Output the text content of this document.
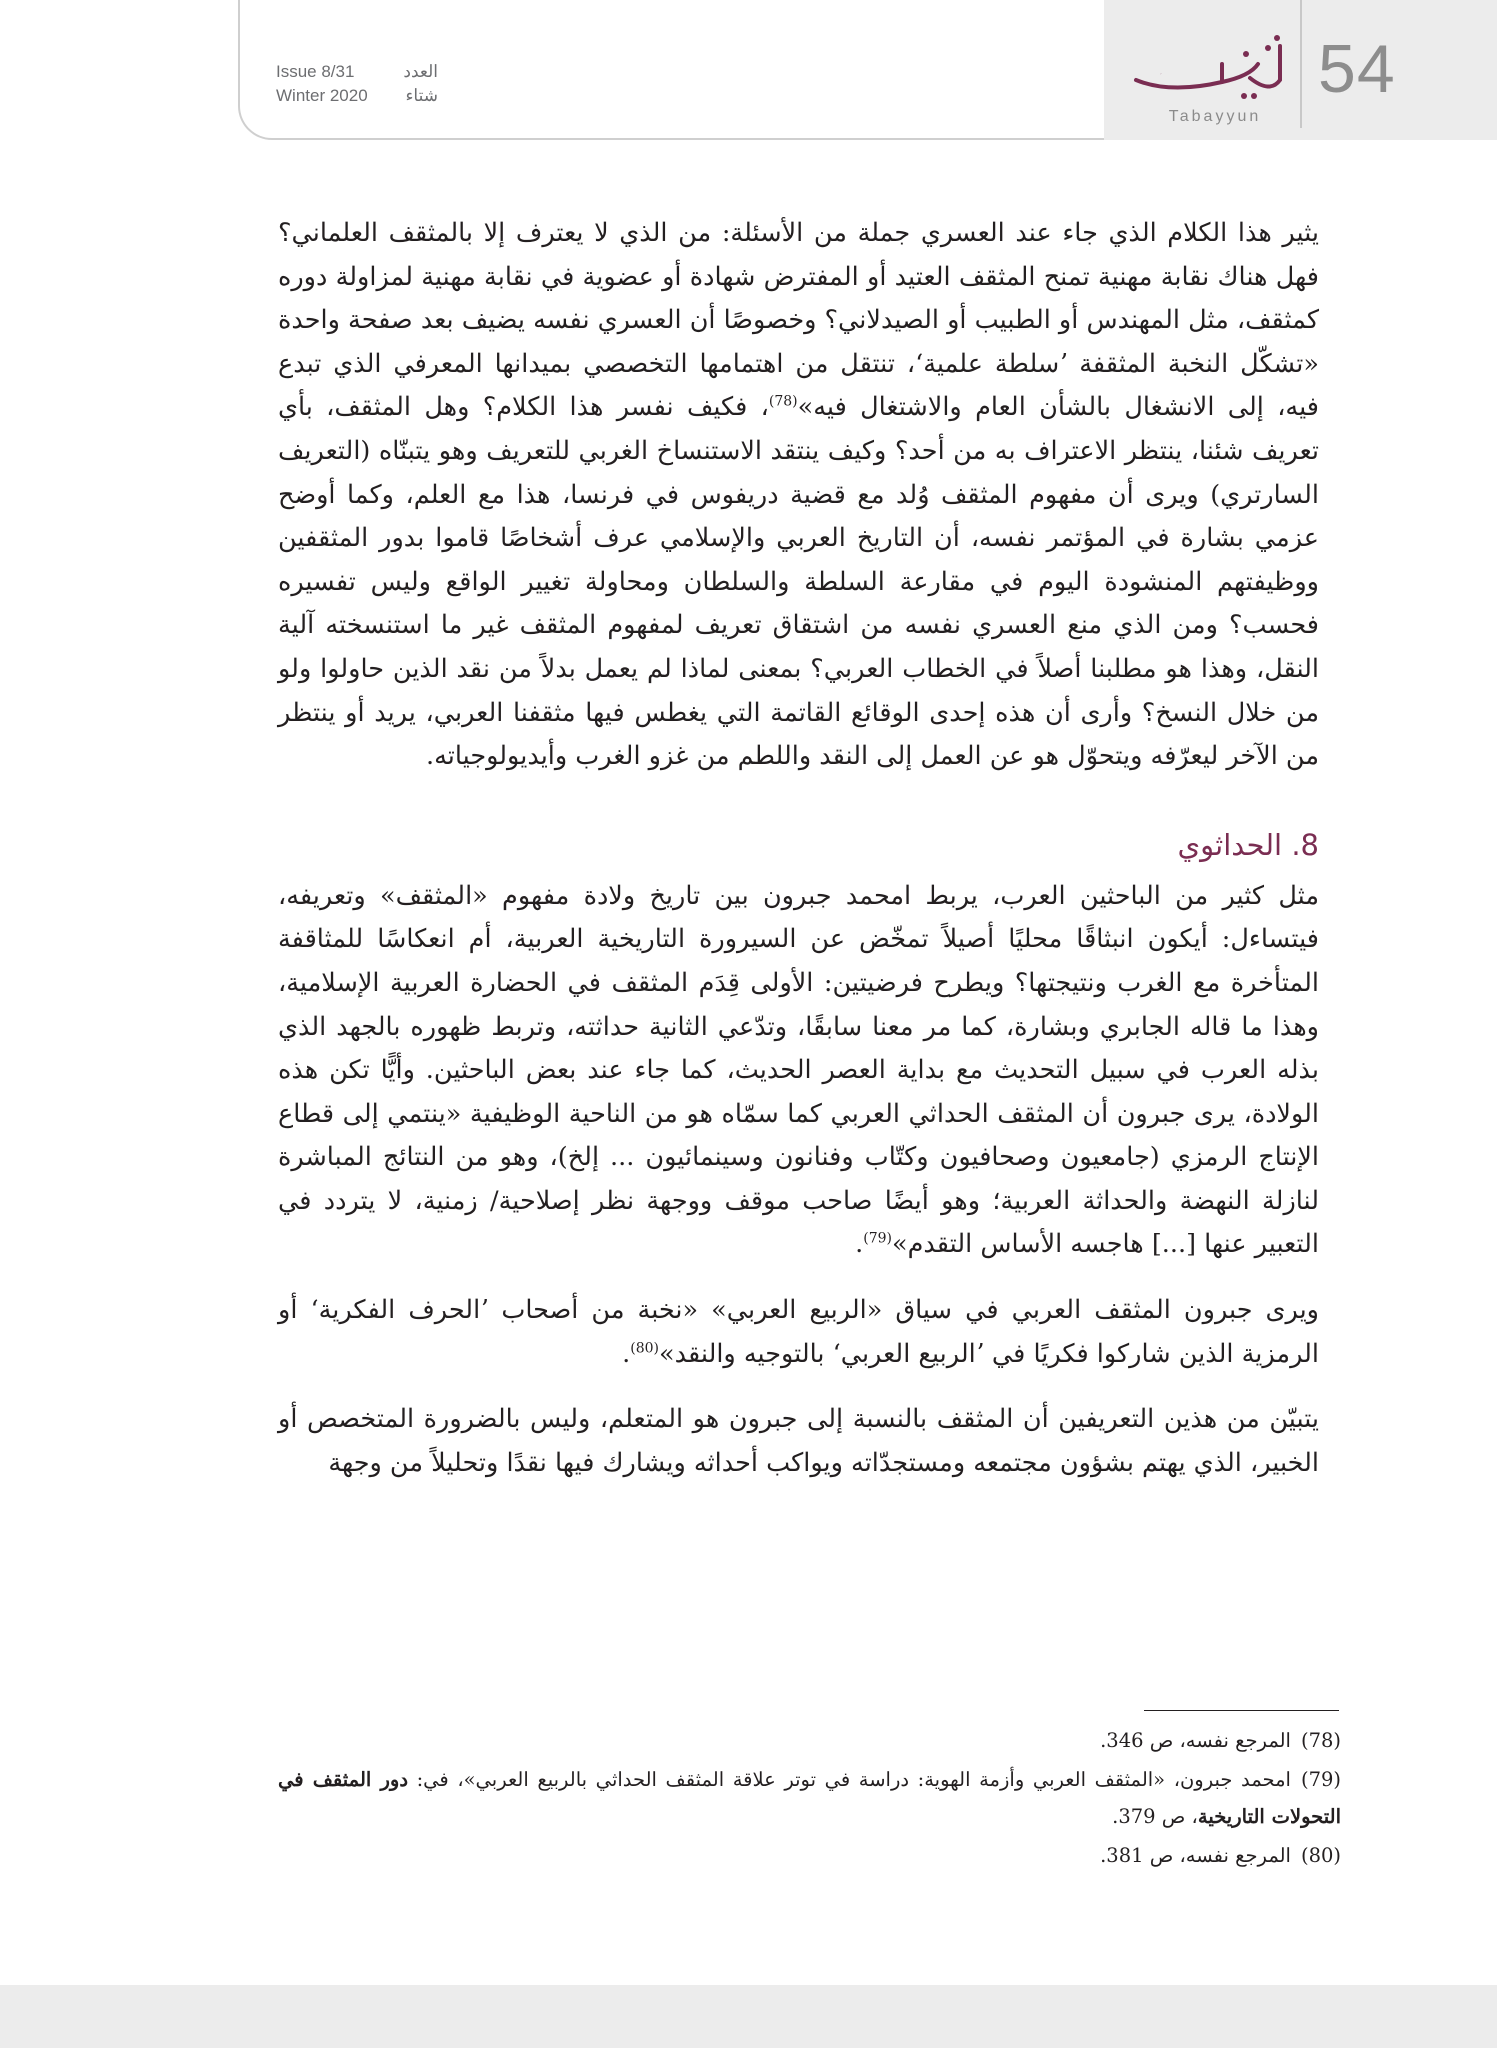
Issue 8/31	العدد
Winter 2020 شتاء
تبين
Tabayyun
54

يثير هذا الكلام الذي جاء عند العسري جملة من الأسئلة: من الذي لا يعترف إلا بالمثقف العلماني؟ فهل هناك نقابة مهنية تمنح المثقف العتيد أو المفترض شهادة أو عضوية في نقابة مهنية لمزاولة دوره كمثقف، مثل المهندس أو الطبيب أو الصيدلاني؟ وخصوصًا أن العسري نفسه يضيف بعد صفحة واحدة «تشكّل النخبة المثقفة ʼسلطة علميةʻ، تنتقل من اهتمامها التخصصي بميدانها المعرفي الذي تبدع فيه، إلى الانشغال بالشأن العام والاشتغال فيه»$^{(78)}$، فكيف نفسر هذا الكلام؟ وهل المثقف، بأي تعريف شئنا، ينتظر الاعتراف به من أحد؟ وكيف ينتقد الاستنساخ الغربي للتعريف وهو يتبنّاه (التعريف السارتري) ويرى أن مفهوم المثقف وُلد مع قضية دريفوس في فرنسا، هذا مع العلم، وكما أوضح عزمي بشارة في المؤتمر نفسه، أن التاريخ العربي والإسلامي عرف أشخاصًا قاموا بدور المثقفين ووظيفتهم المنشودة اليوم في مقارعة السلطة والسلطان ومحاولة تغيير الواقع وليس تفسيره فحسب؟ ومن الذي منع العسري نفسه من اشتقاق تعريف لمفهوم المثقف غير ما استنسخته آلية النقل، وهذا هو مطلبنا أصلاً في الخطاب العربي؟ بمعنى لماذا لم يعمل بدلاً من نقد الذين حاولوا ولو من خلال النسخ؟ وأرى أن هذه إحدى الوقائع القاتمة التي يغطس فيها مثقفنا العربي، يريد أو ينتظر من الآخر ليعرّفه ويتحوّل هو عن العمل إلى النقد واللطم من غزو الغرب وأيديولوجياته.

8. الحداثوي

مثل كثير من الباحثين العرب، يربط امحمد جبرون بين تاريخ ولادة مفهوم «المثقف» وتعريفه، فيتساءل: أيكون انبثاقًا محليًا أصيلاً تمخّض عن السيرورة التاريخية العربية، أم انعكاسًا للمثاقفة المتأخرة مع الغرب ونتيجتها؟ ويطرح فرضيتين: الأولى قِدَم المثقف في الحضارة العربية الإسلامية، وهذا ما قاله الجابري وبشارة، كما مر معنا سابقًا، وتدّعي الثانية حداثته، وتربط ظهوره بالجهد الذي بذله العرب في سبيل التحديث مع بداية العصر الحديث، كما جاء عند بعض الباحثين. وأيًّا تكن هذه الولادة، يرى جبرون أن المثقف الحداثي العربي كما سمّاه هو من الناحية الوظيفية «ينتمي إلى قطاع الإنتاج الرمزي (جامعيون وصحافيون وكتّاب وفنانون وسينمائيون ... إلخ)، وهو من النتائج المباشرة لنازلة النهضة والحداثة العربية؛ وهو أيضًا صاحب موقف ووجهة نظر إصلاحية/ زمنية، لا يتردد في التعبير عنها [...] هاجسه الأساس التقدم»$^{(79)}$.

ويرى جبرون المثقف العربي في سياق «الربيع العربي» «نخبة من أصحاب ʼالحرف الفكريةʻ أو الرمزية الذين شاركوا فكريًا في ʼالربيع العربيʻ بالتوجيه والنقد»$^{(80)}$.

يتبيّن من هذين التعريفين أن المثقف بالنسبة إلى جبرون هو المتعلم، وليس بالضرورة المتخصص أو الخبير، الذي يهتم بشؤون مجتمعه ومستجدّاته ويواكب أحداثه ويشارك فيها نقدًا وتحليلاً من وجهة

(78)المرجع نفسه، ص 346.

(79)امحمد جبرون، «المثقف العربي وأزمة الهوية: دراسة في توتر علاقة المثقف الحداثي بالربيع العربي»، في: دور المثقف في التحولات التاريخية، ص 379.

(80)المرجع نفسه، ص 381.
